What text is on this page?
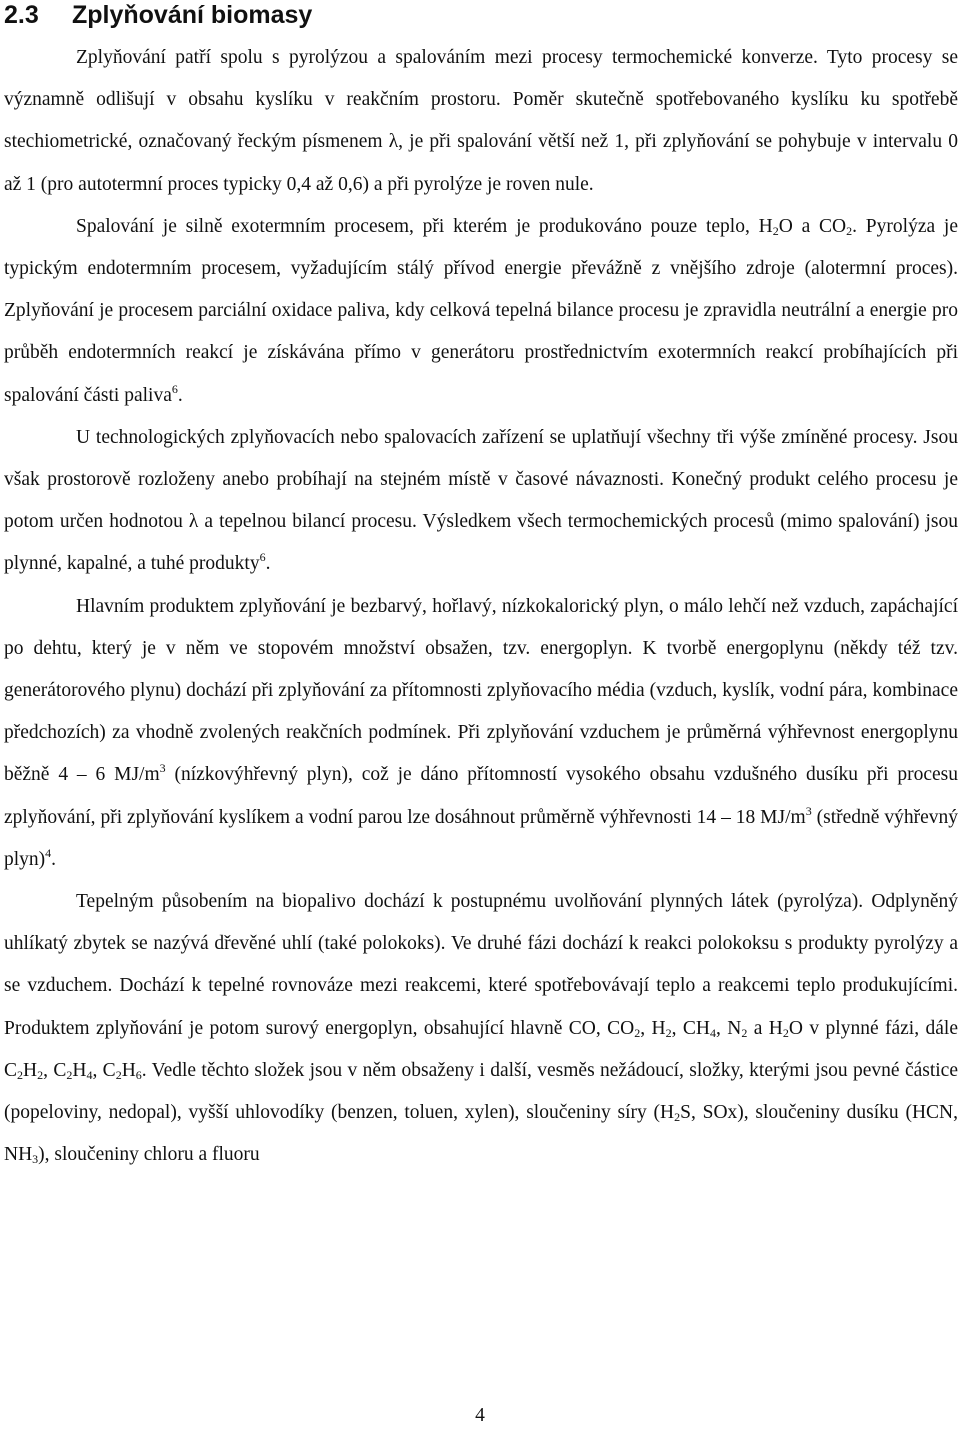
2.3 Zplyňování biomasy

Zplyňování patří spolu s pyrolýzou a spalováním mezi procesy termochemické konverze. Tyto procesy se významně odlišují v obsahu kyslíku v reakčním prostoru. Poměr skutečně spotřebovaného kyslíku ku spotřebě stechiometrické, označovaný řeckým písmenem λ, je při spalování větší než 1, při zplyňování se pohybuje v intervalu 0 až 1 (pro autotermní proces typicky 0,4 až 0,6) a při pyrolýze je roven nule.

Spalování je silně exotermním procesem, při kterém je produkováno pouze teplo, $H_2O$ a $CO_2$. Pyrolýza je typickým endotermním procesem, vyžadujícím stálý přívod energie převážně z vnějšího zdroje (alotermní proces). Zplyňování je procesem parciální oxidace paliva, kdy celková tepelná bilance procesu je zpravidla neutrální a energie pro průběh endotermních reakcí je získávána přímo v generátoru prostřednictvím exotermních reakcí probíhajících při spalování části paliva$^6$.

U technologických zplyňovacích nebo spalovacích zařízení se uplatňují všechny tři výše zmíněné procesy. Jsou však prostorově rozloženy anebo probíhají na stejném místě v časové návaznosti. Konečný produkt celého procesu je potom určen hodnotou λ a tepelnou bilancí procesu. Výsledkem všech termochemických procesů (mimo spalování) jsou plynné, kapalné, a tuhé produkty$^6$.

Hlavním produktem zplyňování je bezbarvý, hořlavý, nízkokalorický plyn, o málo lehčí než vzduch, zapáchající po dehtu, který je v něm ve stopovém množství obsažen, tzv. energoplyn. K tvorbě energoplynu (někdy též tzv. generátorového plynu) dochází při zplyňování za přítomnosti zplyňovacího média (vzduch, kyslík, vodní pára, kombinace předchozích) za vhodně zvolených reakčních podmínek. Při zplyňování vzduchem je průměrná výhřevnost energoplynu běžně 4 – 6 $MJ/m^3$ (nízkovýhřevný plyn), což je dáno přítomností vysokého obsahu vzdušného dusíku při procesu zplyňování, při zplyňování kyslíkem a vodní parou lze dosáhnout průměrně výhřevnosti 14 – 18 $MJ/m^3$ (středně výhřevný plyn)$^4$.

Tepelným působením na biopalivo dochází k postupnému uvolňování plynných látek (pyrolýza). Odplyněný uhlíkatý zbytek se nazývá dřevěné uhlí (také polokoks). Ve druhé fázi dochází k reakci polokoksu s produkty pyrolýzy a se vzduchem. Dochází k tepelné rovnováze mezi reakcemi, které spotřebovávají teplo a reakcemi teplo produkujícími. Produktem zplyňování je potom surový energoplyn, obsahující hlavně CO, $CO_2$, $H_2$, $CH_4$, $N_2$ a $H_2O$ v plynné fázi, dále $C_2H_2$, $C_2H_4$, $C_2H_6$. Vedle těchto složek jsou v něm obsaženy i další, vesměs nežádoucí, složky, kterými jsou pevné částice (popeloviny, nedopal), vyšší uhlovodíky (benzen, toluen, xylen), sloučeniny síry ($H_2S$, SOx), sloučeniny dusíku (HCN, $NH_3$), sloučeniny chloru a fluoru

4
